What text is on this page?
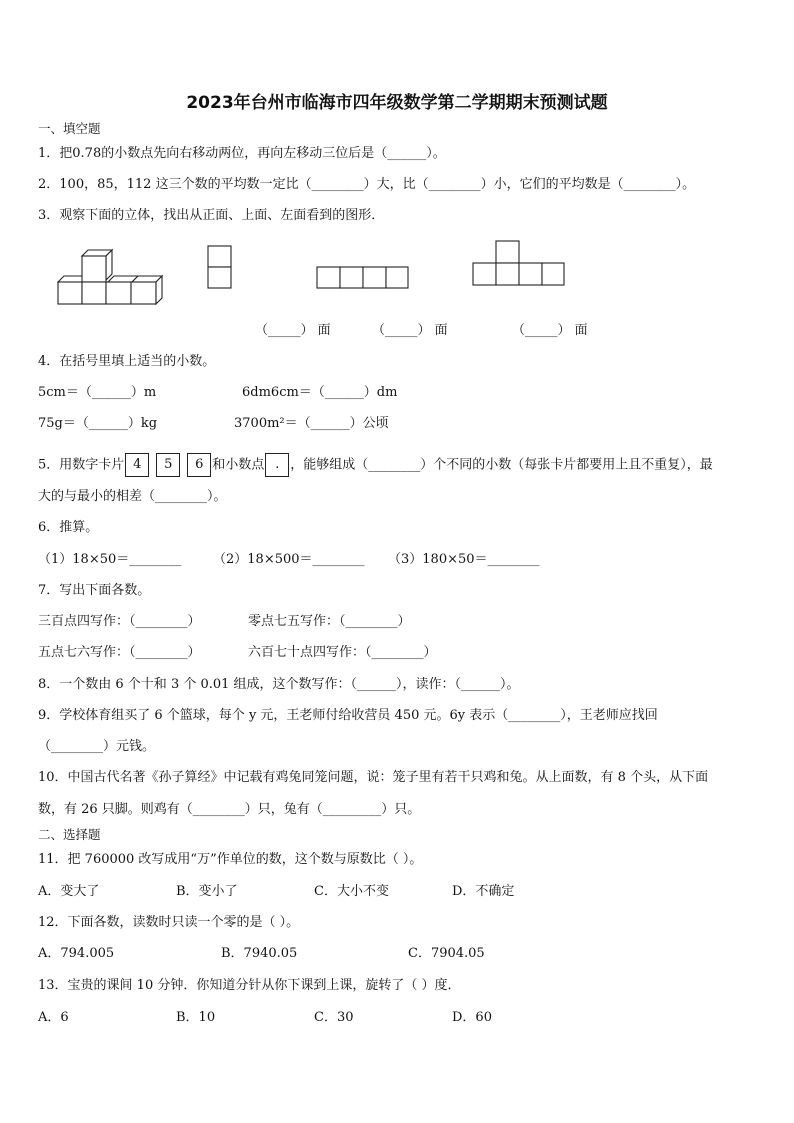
2023年台州市临海市四年级数学第二学期期末预测试题
一、填空题
1．把0.78的小数点先向右移动两位，再向左移动三位后是（______）。
2．100，85，112 这三个数的平均数一定比（________）大，比（________）小，它们的平均数是（________）。
3．观察下面的立体，找出从正面、上面、左面看到的图形．
（_____） 面	（_____） 面	（_____） 面
4．在括号里填上适当的小数。
5cm＝（______）m	6dm6cm＝（______）dm
75g＝（______）kg	3700m²＝（______）公顷
5．用数字卡片 4 5 6 和小数点 . ，能够组成（________）个不同的小数（每张卡片都要用上且不重复），最
大的与最小的相差（________）。
6．推算。
（1）18×50＝________ （2）18×500＝________ （3）180×50＝________
7．写出下面各数。
三百点四写作：（________）	零点七五写作：（________）
五点七六写作：（________）	六百七十点四写作：（________）
8．一个数由 6 个十和 3 个 0.01 组成，这个数写作：（______），读作：（______）。
9．学校体育组买了 6 个篮球，每个 y 元，王老师付给收营员 450 元。6y 表示（________），王老师应找回
（________）元钱。
10．中国古代名著《孙子算经》中记载有鸡兔同笼问题，说：笼子里有若干只鸡和兔。从上面数，有 8 个头，从下面
数，有 26 只脚。则鸡有（________）只，兔有（_________）只。
二、选择题
11．把 760000 改写成用“万”作单位的数，这个数与原数比（ ）。
A．变大了	B．变小了	C．大小不变	D．不确定
12．下面各数，读数时只读一个零的是（ ）。
A．794.005	B．7940.05	C．7904.05
13．宝贵的课间 10 分钟．你知道分针从你下课到上课，旋转了（ ）度．
A．6	B．10	C．30	D．60
